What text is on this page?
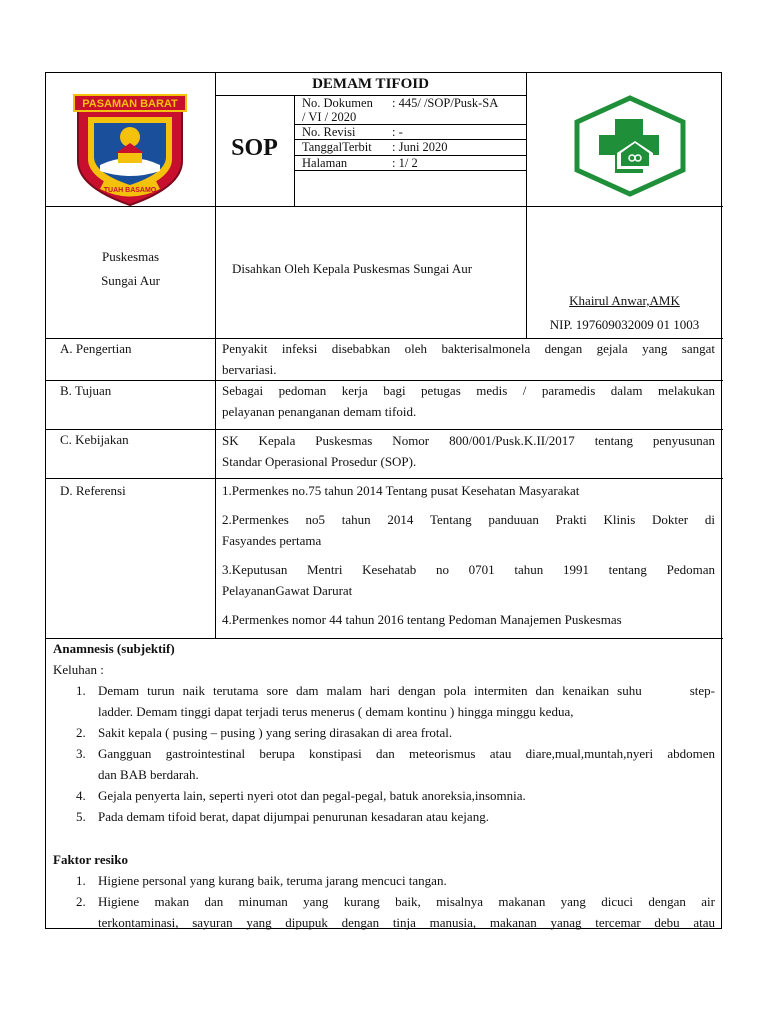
PASAMAN BARAT
TUAH BASAMO
DEMAM TIFOID
SOP
No. Dokumen : 445/ /SOP/Pusk-SA
/ VI / 2020
No. Revisi	: -
TanggalTerbit : Juni 2020
Halaman	: 1/ 2
Puskesmas
Sungai Aur
Disahkan Oleh Kepala Puskesmas Sungai Aur
Khairul Anwar,AMK
NIP. 197609032009 01 1003
A. Pengertian	Penyakit infeksi disebabkan oleh bakterisalmonela dengan gejala yang sangat
bervariasi.
B. Tujuan	Sebagai pedoman kerja bagi petugas medis / paramedis dalam melakukan
pelayanan penanganan demam tifoid.
C. Kebijakan	SK Kepala Puskesmas Nomor 800/001/Pusk.K.II/2017 tentang penyusunan
Standar Operasional Prosedur (SOP).
D. Referensi	1.Permenkes no.75 tahun 2014 Tentang pusat Kesehatan Masyarakat
2.Permenkes no5 tahun 2014 Tentang panduuan Prakti Klinis Dokter di
Fasyandes pertama
3.Keputusan Mentri Kesehatab no 0701 tahun 1991 tentang Pedoman
PelayananGawat Darurat
4.Permenkes nomor 44 tahun 2016 tentang Pedoman Manajemen Puskesmas
Anamnesis (subjektif)
Keluhan :
1. Demam turun naik terutama sore dam malam hari dengan pola intermiten dan kenaikan suhu      step-
ladder. Demam tinggi dapat terjadi terus menerus ( demam kontinu ) hingga minggu kedua,
2. Sakit kepala ( pusing – pusing ) yang sering dirasakan di area frotal.
3. Gangguan gastrointestinal berupa konstipasi dan meteorismus atau diare,mual,muntah,nyeri abdomen
dan BAB berdarah.
4. Gejala penyerta lain, seperti nyeri otot dan pegal-pegal, batuk anoreksia,insomnia.
5. Pada demam tifoid berat, dapat dijumpai penurunan kesadaran atau kejang.
Faktor resiko
1. Higiene personal yang kurang baik, teruma jarang mencuci tangan.
2. Higiene makan dan minuman yang kurang baik, misalnya makanan yang dicuci dengan air
terkontaminasi, sayuran yang dipupuk dengan tinja manusia, makanan yanag tercemar debu atau
